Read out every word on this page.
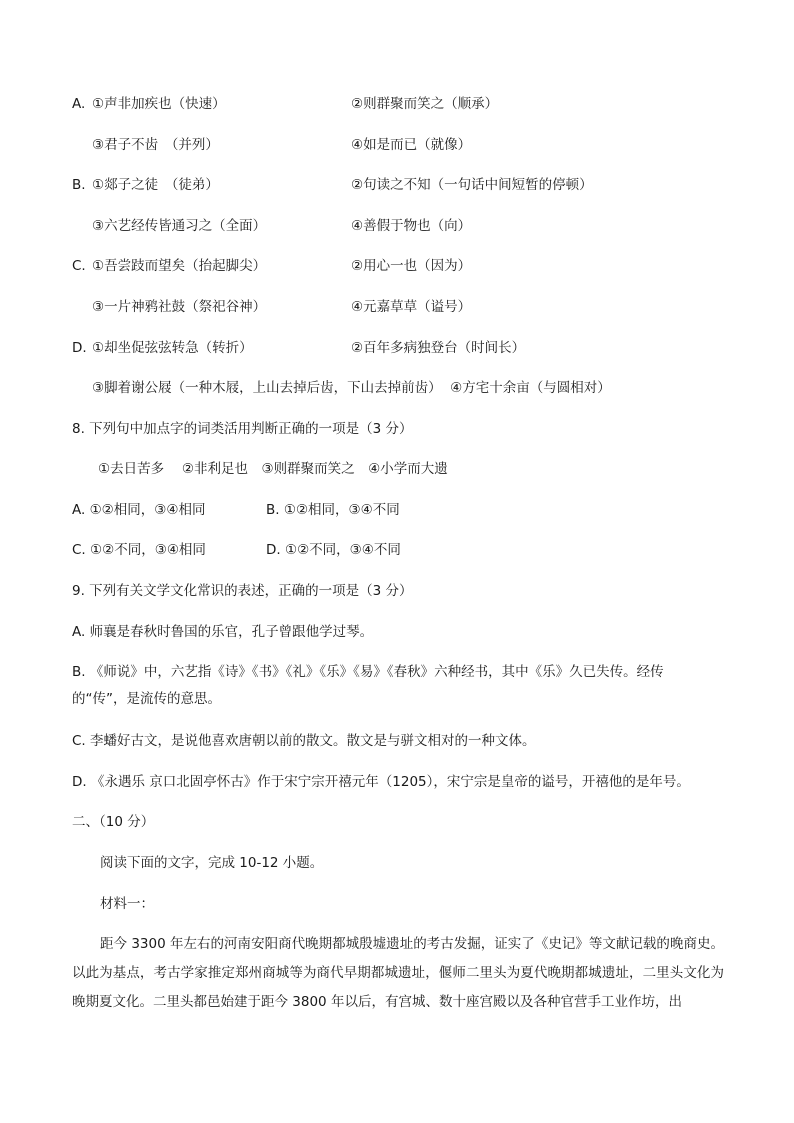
A. ①声非加疾也（快速）	②则群聚而笑之（顺承）
③君子不齿　（并列）	④如是而已（就像）
B. ①郯子之徒　（徒弟）	②句读之不知（一句话中间短暂的停顿）
③六艺经传皆通习之（全面）	④善假于物也（向）
C. ①吾尝跂而望矣（抬起脚尖）	②用心一也（因为）
③一片神鸦社鼓（祭祀谷神）	④元嘉草草（谥号）
D. ①却坐促弦弦转急（转折）	②百年多病独登台（时间长）
③脚着谢公屐（一种木屐，上山去掉后齿，下山去掉前齿）  ④方宅十余亩（与圆相对）
8. 下列句中加点字的词类活用判断正确的一项是（3 分）
①去日苦多　 ②非利足也　③则群聚而笑之　④小学而大遗
A. ①②相同，③④相同	B. ①②相同，③④不同
C. ①②不同，③④相同	D. ①②不同，③④不同
9. 下列有关文学文化常识的表述，正确的一项是（3 分）
A. 师襄是春秋时鲁国的乐官，孔子曾跟他学过琴。
B. 《师说》中，六艺指《诗》《书》《礼》《乐》《易》《春秋》六种经书，其中《乐》久已失传。经传
的“传”，是流传的意思。
C. 李蟠好古文，是说他喜欢唐朝以前的散文。散文是与骈文相对的一种文体。
D. 《永遇乐 京口北固亭怀古》作于宋宁宗开禧元年（1205），宋宁宗是皇帝的谥号，开禧他的是年号。
二、（10 分）
阅读下面的文字，完成 10-12 小题。
材料一：
距今 3300 年左右的河南安阳商代晚期都城殷墟遗址的考古发掘，证实了《史记》等文献记载的晚商史。以此为基点，考古学家推定郑州商城等为商代早期都城遗址，偃师二里头为夏代晚期都城遗址，二里头文化为晚期夏文化。二里头都邑始建于距今 3800 年以后，有宫城、数十座宫殿以及各种官营手工业作坊，出
